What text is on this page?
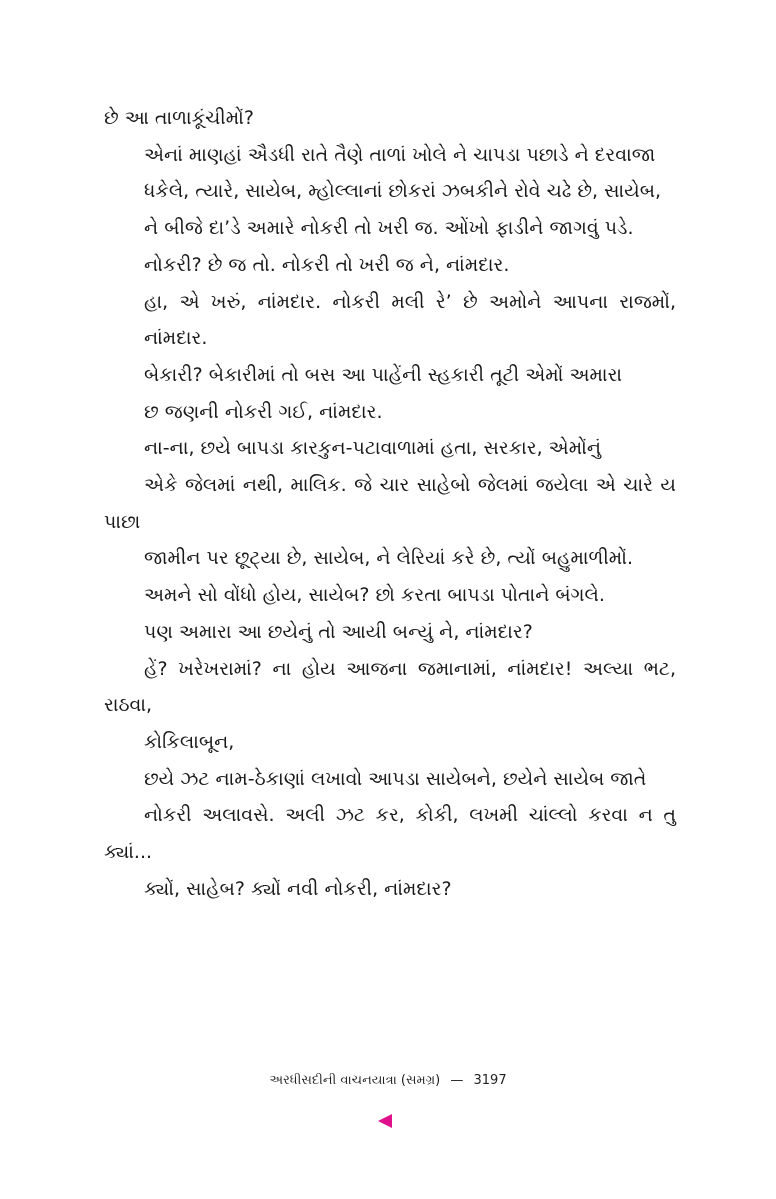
છે આ તાળાકૂંચીમોં?

એનાં માણહાં ઐડધી રાતે તૈણે તાળાં ખોલે ને ચાપડા પછાડે ને દરવાજા

ધકેલે, ત્યારે, સાયેબ, મ્હોલ્લાનાં છોકરાં ઝબકીને રોવે ચઢે છે, સાયેબ,

ને બીજે દા’ડે અમારે નોકરી તો ખરી જ. ઓંખો ફાડીને જાગવું પડે.

નોકરી? છે જ તો. નોકરી તો ખરી જ ને, નાંમદાર.

હા, એ ખરું, નાંમદાર. નોકરી મલી રે’ છે અમોને આપના રાજમોં, નાંમદાર.

બેકારી? બેકારીમાં તો બસ આ પાહેંની સ્હકારી તૂટી એમોં અમારા

છ જણની નોકરી ગઈ, નાંમદાર.

ના-ના, છયે બાપડા કારકુન-પટાવાળામાં હતા, સરકાર, એમોંનું

એકે જેલમાં નથી, માલિક. જે ચાર સાહેબો જેલમાં જયેલા એ ચારે ય પાછા

જામીન પર છૂટ્યા છે, સાયેબ, ને લેરિયાં કરે છે, ત્યોં બહુમાળીમોં.

અમને સો વોંધો હોય, સાયેબ? છો કરતા બાપડા પોતાને બંગલે.

પણ અમારા આ છયેનું તો આયી બન્યું ને, નાંમદાર?

હેં? ખરેખરામાં? ના હોય આજના જમાનામાં, નાંમદાર! અલ્યા ભટ, રાઠવા,

કોકિલાબૂન,

છયે ઝટ નામ-ઠેકાણાં લખાવો આપડા સાયેબને, છયેને સાયેબ જાતે

નોકરી અલાવસે. અલી ઝટ કર, કોકી, લખમી ચાંલ્લો કરવા ન તુ ક્યાં...

ક્યોં, સાહેબ? ક્યોં નવી નોકરી, નાંમદાર?

અરધીસદીની વાચનયાત્રા (સમગ્ર) — 3197
